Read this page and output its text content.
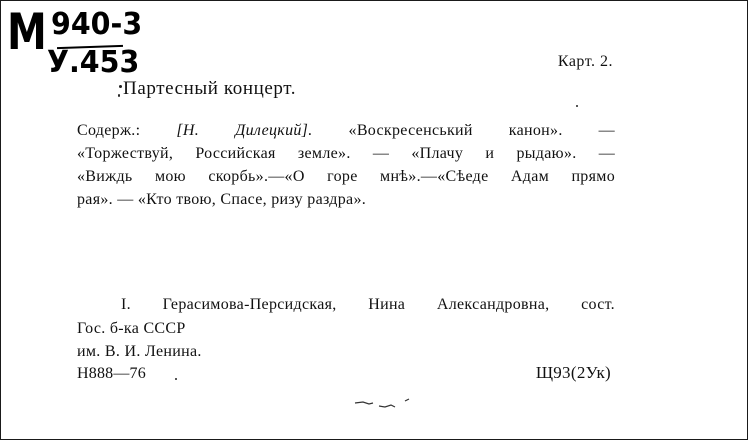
М 940-3
У.453	Карт. 2.
Партесный концерт.
Содерж.: [Н. Дилецкий]. «Воскресенський канон». —
«Торжествуй, Российская земле». — «Плачу и рыдаю». —
«Виждь мою скорбь».—«О горе мнѣ».—«Сѣеде Адам прямо
рая». — «Кто твою, Спасе, ризу раздра».
I. Герасимова-Персидская, Нина Александровна, сост.
Гос. б-ка СССР
им. В. И. Ленина.
Н888—76	Щ93(2Ук)
